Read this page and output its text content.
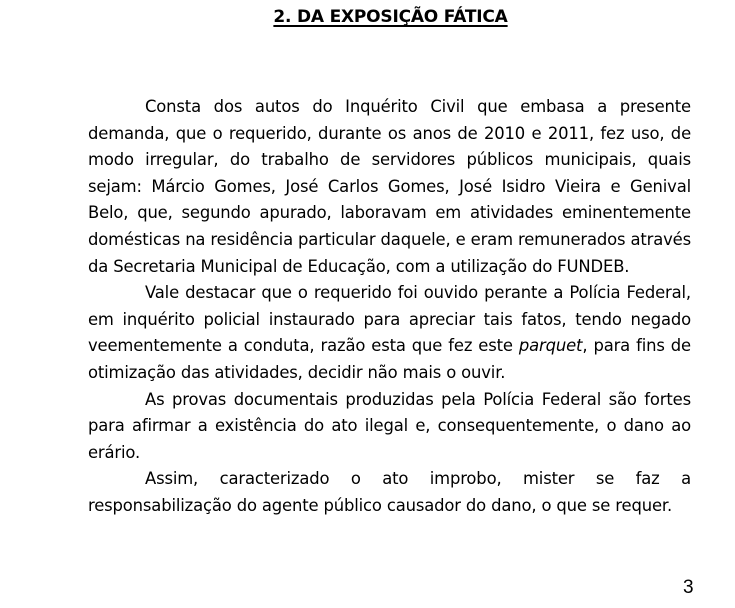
2. DA EXPOSIÇÃO FÁTICA

Consta dos autos do Inquérito Civil que embasa a presente demanda, que o requerido, durante os anos de 2010 e 2011, fez uso, de modo irregular, do trabalho de servidores públicos municipais, quais sejam: Márcio Gomes, José Carlos Gomes, José Isidro Vieira e Genival Belo, que, segundo apurado, laboravam em atividades eminentemente domésticas na residência particular daquele, e eram remunerados através da Secretaria Municipal de Educação, com a utilização do FUNDEB.

Vale destacar que o requerido foi ouvido perante a Polícia Federal, em inquérito policial instaurado para apreciar tais fatos, tendo negado veementemente a conduta, razão esta que fez este parquet, para fins de otimização das atividades, decidir não mais o ouvir.

As provas documentais produzidas pela Polícia Federal são fortes para afirmar a existência do ato ilegal e, consequentemente, o dano ao erário.

Assim, caracterizado o ato improbo, mister se faz a responsabilização do agente público causador do dano, o que se requer.

3
